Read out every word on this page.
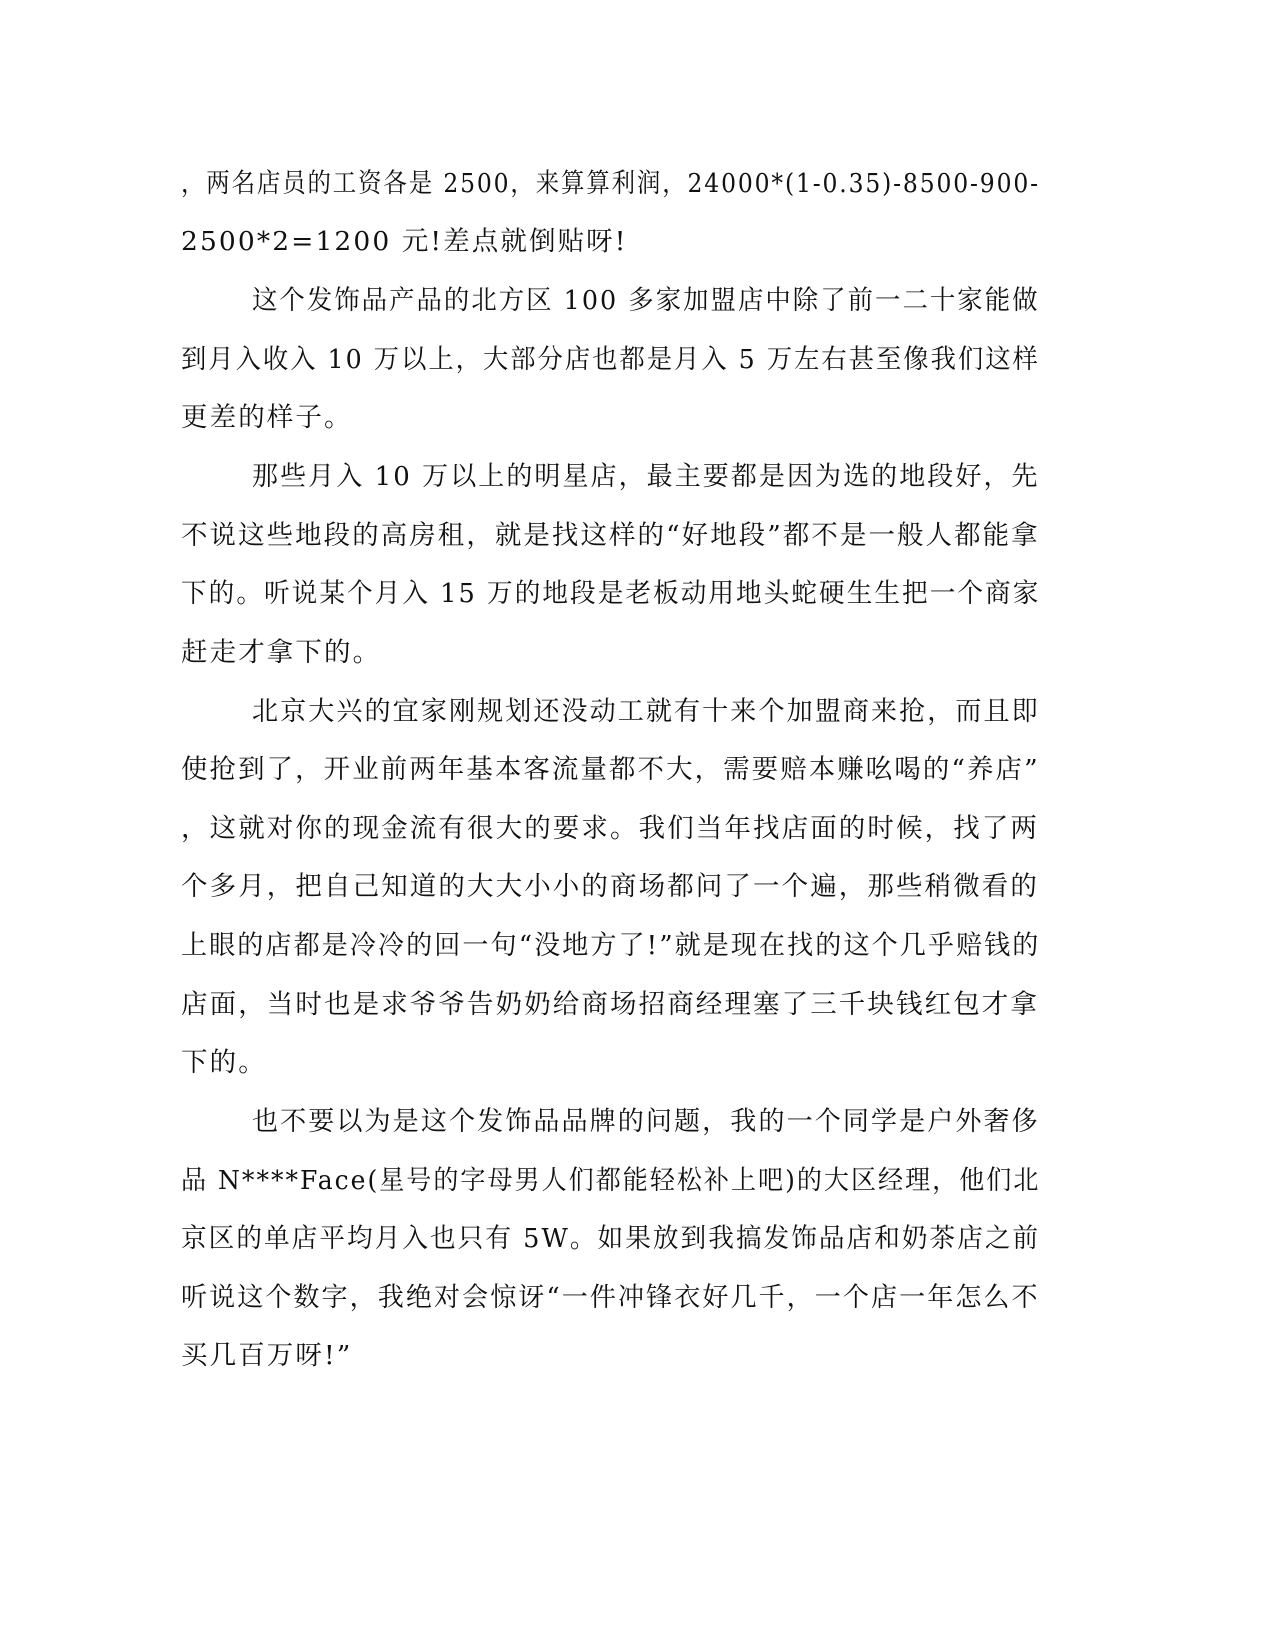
，两名店员的工资各是 2500，来算算利润，24000*(1-0.35)-8500-900-
2500*2=1200 元!差点就倒贴呀!
这个发饰品产品的北方区 100 多家加盟店中除了前一二十家能做
到月入收入 10 万以上，大部分店也都是月入 5 万左右甚至像我们这样
更差的样子。
那些月入 10 万以上的明星店，最主要都是因为选的地段好，先
不说这些地段的高房租，就是找这样的“好地段”都不是一般人都能拿
下的。听说某个月入 15 万的地段是老板动用地头蛇硬生生把一个商家
赶走才拿下的。
北京大兴的宜家刚规划还没动工就有十来个加盟商来抢，而且即
使抢到了，开业前两年基本客流量都不大，需要赔本赚吆喝的“养店”
，这就对你的现金流有很大的要求。我们当年找店面的时候，找了两
个多月，把自己知道的大大小小的商场都问了一个遍，那些稍微看的
上眼的店都是冷冷的回一句“没地方了!”就是现在找的这个几乎赔钱的
店面，当时也是求爷爷告奶奶给商场招商经理塞了三千块钱红包才拿
下的。
也不要以为是这个发饰品品牌的问题，我的一个同学是户外奢侈
品 N****Face(星号的字母男人们都能轻松补上吧)的大区经理，他们北
京区的单店平均月入也只有 5W。如果放到我搞发饰品店和奶茶店之前
听说这个数字，我绝对会惊讶“一件冲锋衣好几千，一个店一年怎么不
买几百万呀!”
